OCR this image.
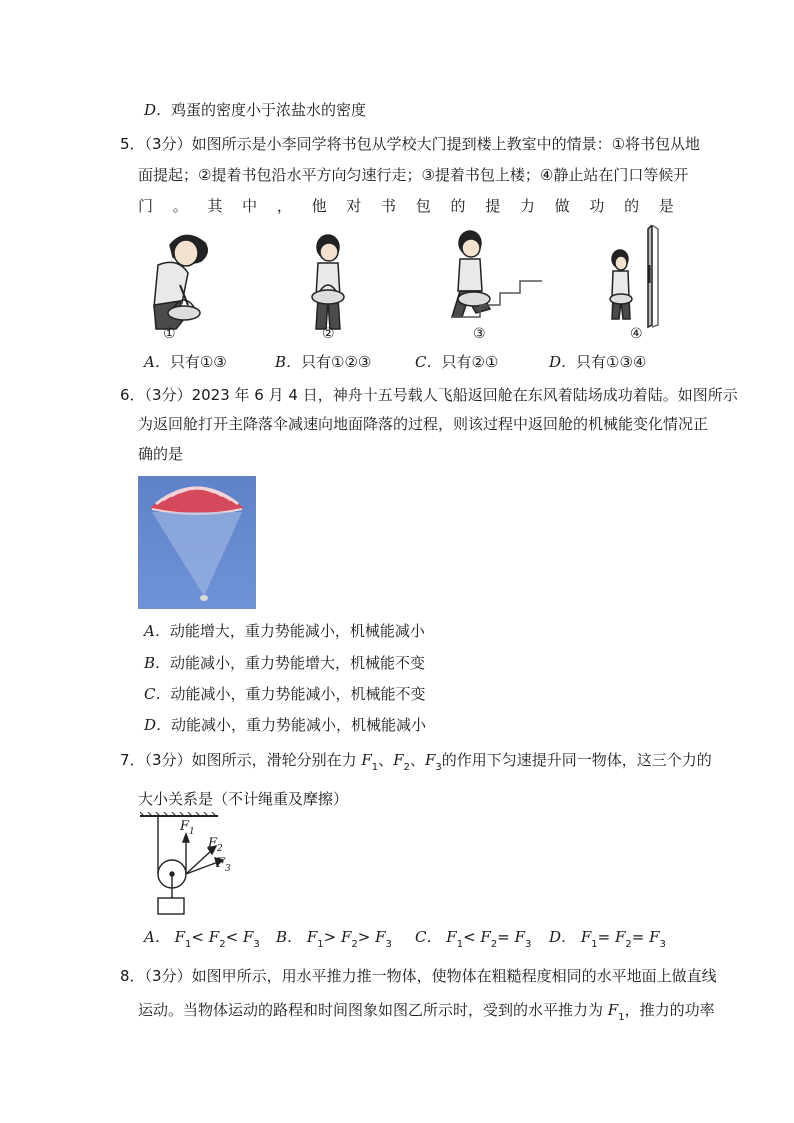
D．鸡蛋的密度小于浓盐水的密度
5．（3分）如图所示是小李同学将书包从学校大门提到楼上教室中的情景：①将书包从地
面提起；②提着书包沿水平方向匀速行走；③提着书包上楼；④静止站在门口等候开
门 。 其 中 ， 他 对 书 包 的 提 力 做 功 的 是
①	②	③	④
A．只有①③	B．只有①②③	C．只有②①	D．只有①③④
6．（3分）2023 年 6 月 4 日，神舟十五号载人飞船返回舱在东风着陆场成功着陆。如图所示
为返回舱打开主降落伞减速向地面降落的过程，则该过程中返回舱的机械能变化情况正
确的是
A．动能增大，重力势能减小，机械能减小
B．动能减小，重力势能增大，机械能不变
C．动能减小，重力势能减小，机械能不变
D．动能减小，重力势能减小，机械能减小
7．（3分）如图所示，滑轮分别在力 $F_1$、$F_2$、$F_3$的作用下匀速提升同一物体，这三个力的
大小关系是（不计绳重及摩擦）
$F_1$
$F_2$
$F_3$
A． $F_1< F_2< F_3$ B． $F_1> F_2> F_3$ C． $F_1< F_2= F_3$ D． $F_1= F_2= F_3$
8．（3分）如图甲所示，用水平推力推一物体，使物体在粗糙程度相同的水平地面上做直线
运动。当物体运动的路程和时间图象如图乙所示时，受到的水平推力为 $F_1$，推力的功率
